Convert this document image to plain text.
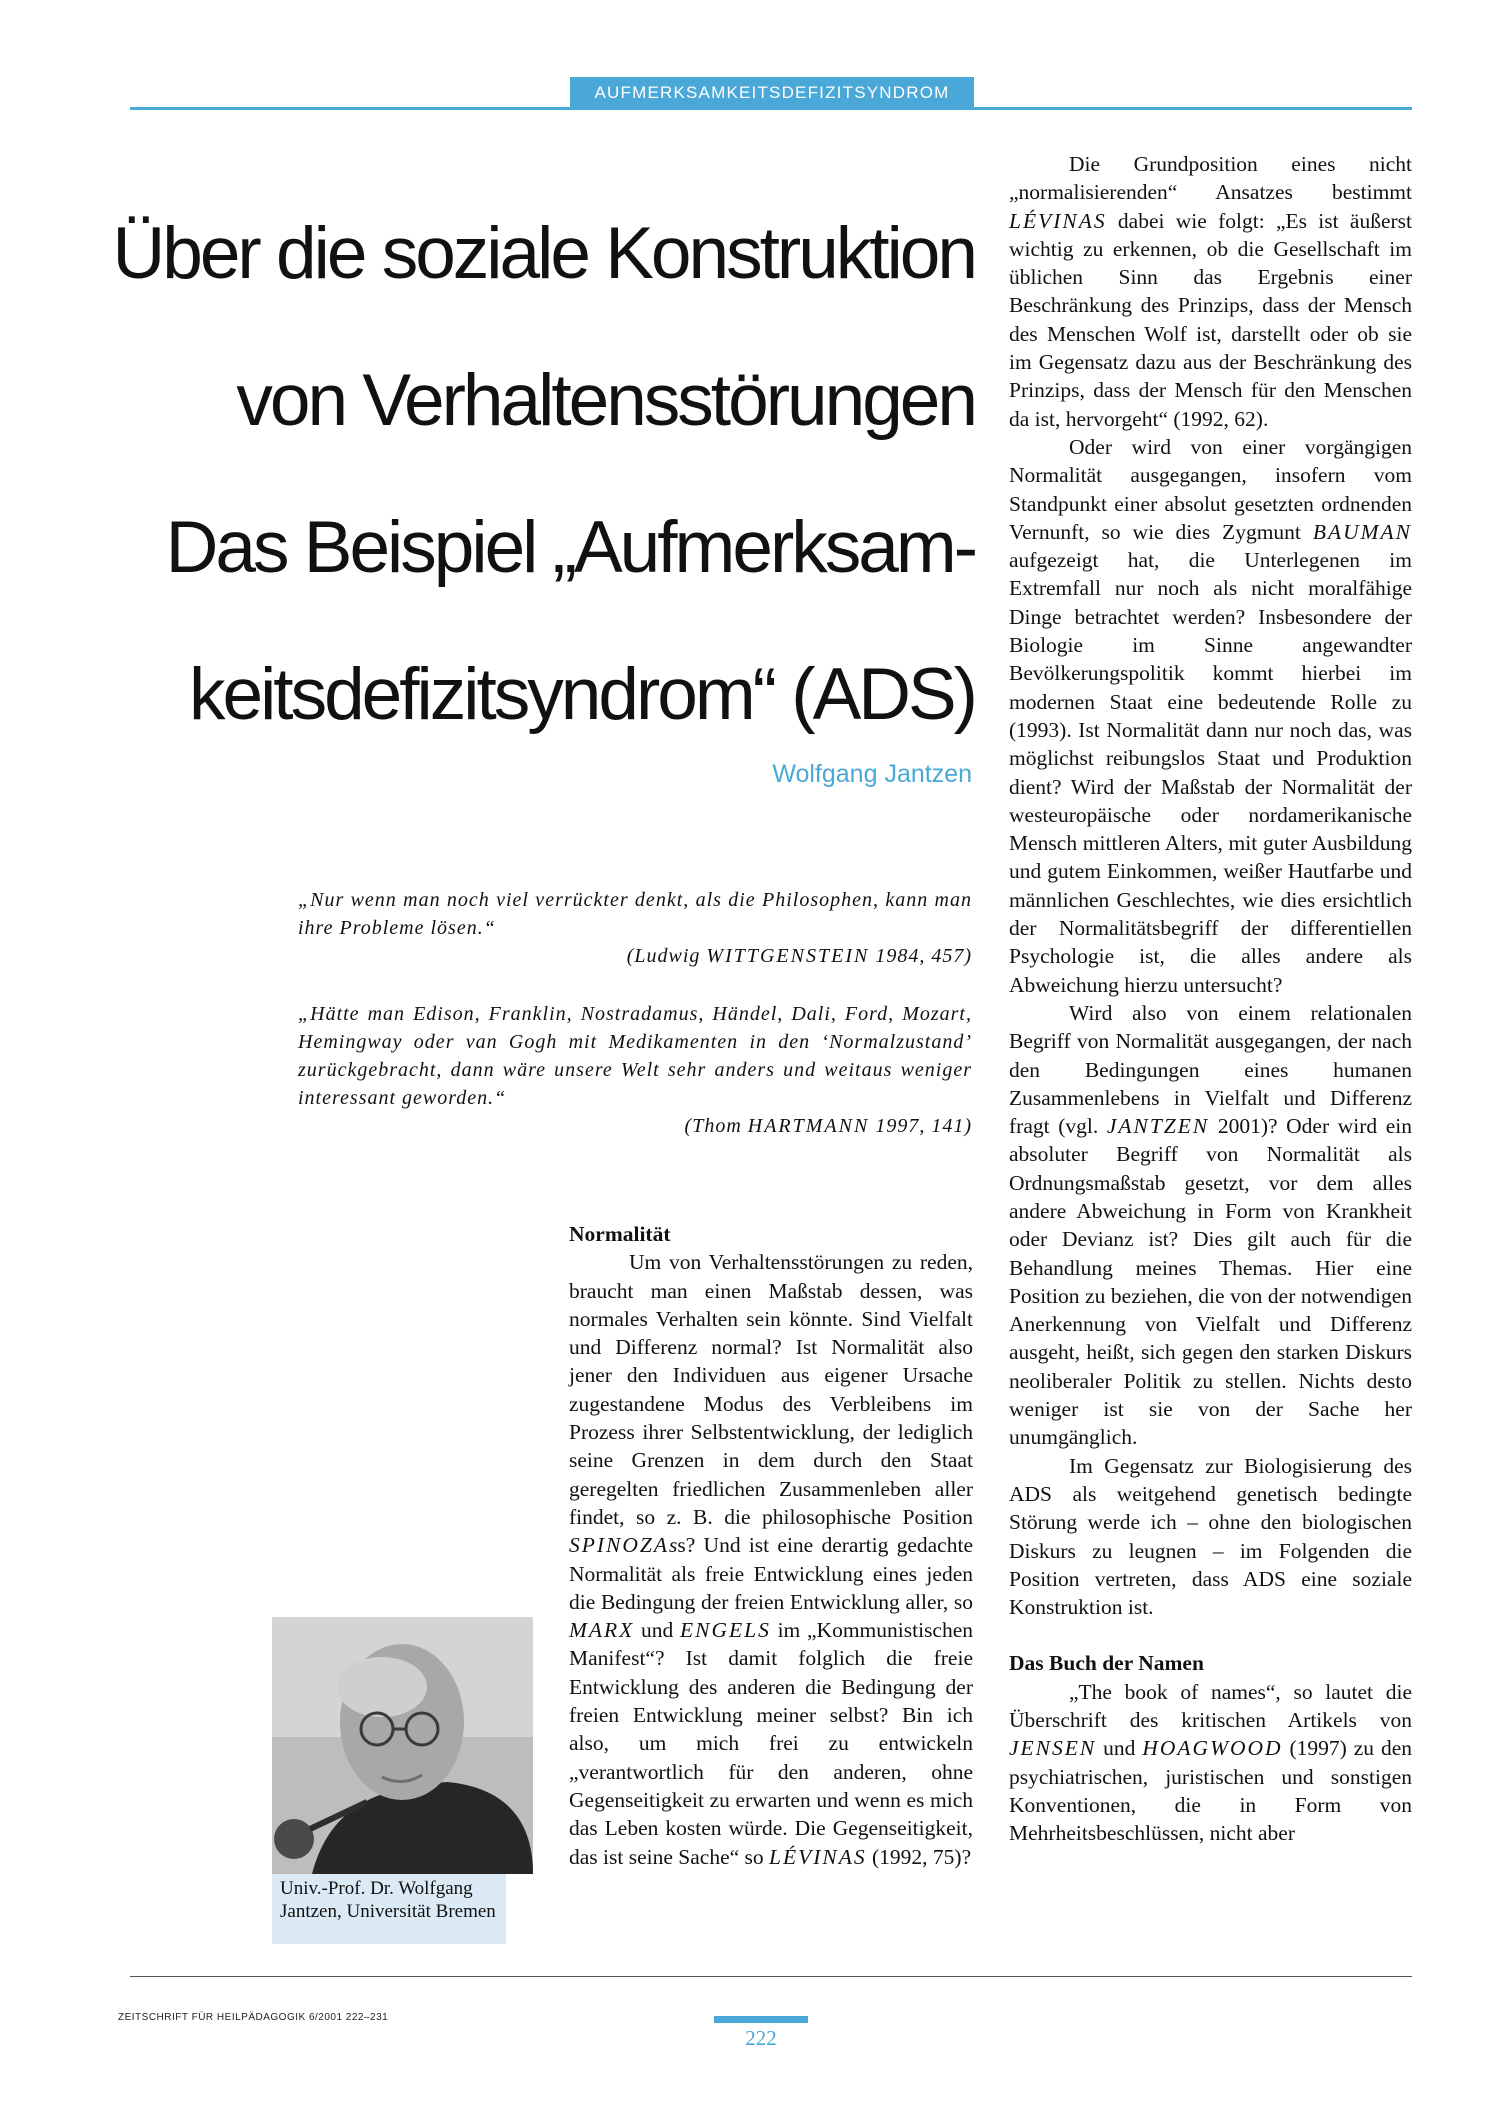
AUFMERKSAMKEITSDEFIZITSYNDROM
Über die soziale Konstruktion
von Verhaltensstörungen
Das Beispiel „Aufmerksam-
keitsdefizitsyndrom“ (ADS)
Wolfgang Jantzen
„Nur wenn man noch viel verrückter denkt, als die Philosophen, kann man ihre Probleme lösen.“
(Ludwig WITTGENSTEIN 1984, 457)
„Hätte man Edison, Franklin, Nostradamus, Händel, Dali, Ford, Mozart, Hemingway oder van Gogh mit Medikamenten in den ‘Normalzustand’ zurückgebracht, dann wäre unsere Welt sehr anders und weitaus weniger interessant geworden.“
(Thom HARTMANN 1997, 141)
Univ.-Prof. Dr. Wolfgang Jantzen, Universität Bremen
Normalität

Um von Verhaltensstörungen zu reden, braucht man einen Maßstab dessen, was normales Verhalten sein könnte. Sind Vielfalt und Differenz normal? Ist Normalität also jener den Individuen aus eigener Ursache zugestandene Modus des Verbleibens im Prozess ihrer Selbstentwicklung, der lediglich seine Grenzen in dem durch den Staat geregelten friedlichen Zusammenleben aller findet, so z. B. die philosophische Position SPINOZAss? Und ist eine derartig gedachte Normalität als freie Entwicklung eines jeden die Bedingung der freien Entwicklung aller, so MARX und ENGELS im „Kommunistischen Manifest“? Ist damit folglich die freie Entwicklung des anderen die Bedingung der freien Entwicklung meiner selbst? Bin ich also, um mich frei zu entwickeln „verantwortlich für den anderen, ohne Gegenseitigkeit zu erwarten und wenn es mich das Leben kosten würde. Die Gegenseitigkeit, das ist seine Sache“ so LÉVINAS (1992, 75)?

Die Grundposition eines nicht „normalisierenden“ Ansatzes bestimmt LÉVINAS dabei wie folgt: „Es ist äußerst wichtig zu erkennen, ob die Gesellschaft im üblichen Sinn das Ergebnis einer Beschränkung des Prinzips, dass der Mensch des Menschen Wolf ist, darstellt oder ob sie im Gegensatz dazu aus der Beschränkung des Prinzips, dass der Mensch für den Menschen da ist, hervorgeht“ (1992, 62).

Oder wird von einer vorgängigen Normalität ausgegangen, insofern vom Standpunkt einer absolut gesetzten ordnenden Vernunft, so wie dies Zygmunt BAUMAN aufgezeigt hat, die Unterlegenen im Extremfall nur noch als nicht moralfähige Dinge betrachtet werden? Insbesondere der Biologie im Sinne angewandter Bevölkerungspolitik kommt hierbei im modernen Staat eine bedeutende Rolle zu (1993). Ist Normalität dann nur noch das, was möglichst reibungslos Staat und Produktion dient? Wird der Maßstab der Normalität der westeuropäische oder nordamerikanische Mensch mittleren Alters, mit guter Ausbildung und gutem Einkommen, weißer Hautfarbe und männlichen Geschlechtes, wie dies ersichtlich der Normalitätsbegriff der differentiellen Psychologie ist, die alles andere als Abweichung hierzu untersucht?

Wird also von einem relationalen Begriff von Normalität ausgegangen, der nach den Bedingungen eines humanen Zusammenlebens in Vielfalt und Differenz fragt (vgl. JANTZEN 2001)? Oder wird ein absoluter Begriff von Normalität als Ordnungsmaßstab gesetzt, vor dem alles andere Abweichung in Form von Krankheit oder Devianz ist? Dies gilt auch für die Behandlung meines Themas. Hier eine Position zu beziehen, die von der notwendigen Anerkennung von Vielfalt und Differenz ausgeht, heißt, sich gegen den starken Diskurs neoliberaler Politik zu stellen. Nichts desto weniger ist sie von der Sache her unumgänglich.

Im Gegensatz zur Biologisierung des ADS als weitgehend genetisch bedingte Störung werde ich – ohne den biologischen Diskurs zu leugnen – im Folgenden die Position vertreten, dass ADS eine soziale Konstruktion ist.

Das Buch der Namen

„The book of names“, so lautet die Überschrift des kritischen Artikels von JENSEN und HOAGWOOD (1997) zu den psychiatrischen, juristischen und sonstigen Konventionen, die in Form von Mehrheitsbeschlüssen, nicht aber

ZEITSCHRIFT FÜR HEILPÄDAGOGIK 6/2001 222–231
222
